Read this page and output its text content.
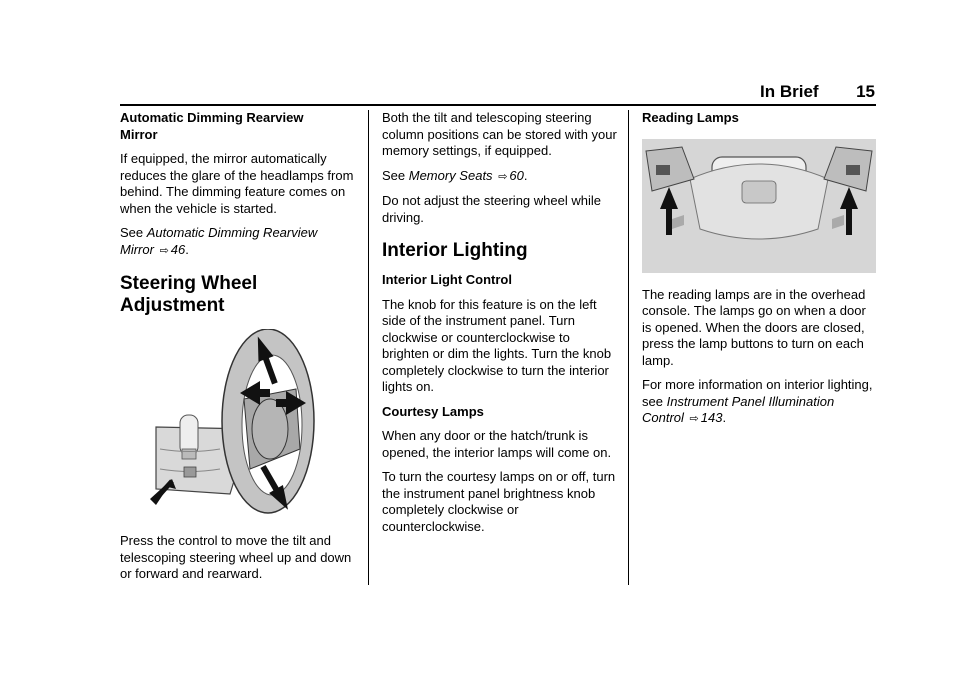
In Brief 15
Automatic Dimming Rearview
Mirror

If equipped, the mirror automatically reduces the glare of the headlamps from behind. The dimming feature comes on when the vehicle is started.

See Automatic Dimming Rearview
Mirror ⇨ 46.

Steering Wheel
Adjustment

Press the control to move the tilt and telescoping steering wheel up and down or forward and rearward.

Both the tilt and telescoping steering column positions can be stored with your memory settings, if equipped.

See Memory Seats ⇨ 60.

Do not adjust the steering wheel while driving.

Interior Lighting
Interior Light Control

The knob for this feature is on the left side of the instrument panel. Turn clockwise or counterclockwise to brighten or dim the lights. Turn the knob completely clockwise to turn the interior lights on.

Courtesy Lamps

When any door or the hatch/trunk is opened, the interior lamps will come on.

To turn the courtesy lamps on or off, turn the instrument panel brightness knob completely clockwise or counterclockwise.

Reading Lamps

The reading lamps are in the overhead console. The lamps go on when a door is opened. When the doors are closed, press the lamp buttons to turn on each lamp.

For more information on interior lighting, see Instrument Panel Illumination Control ⇨ 143.
